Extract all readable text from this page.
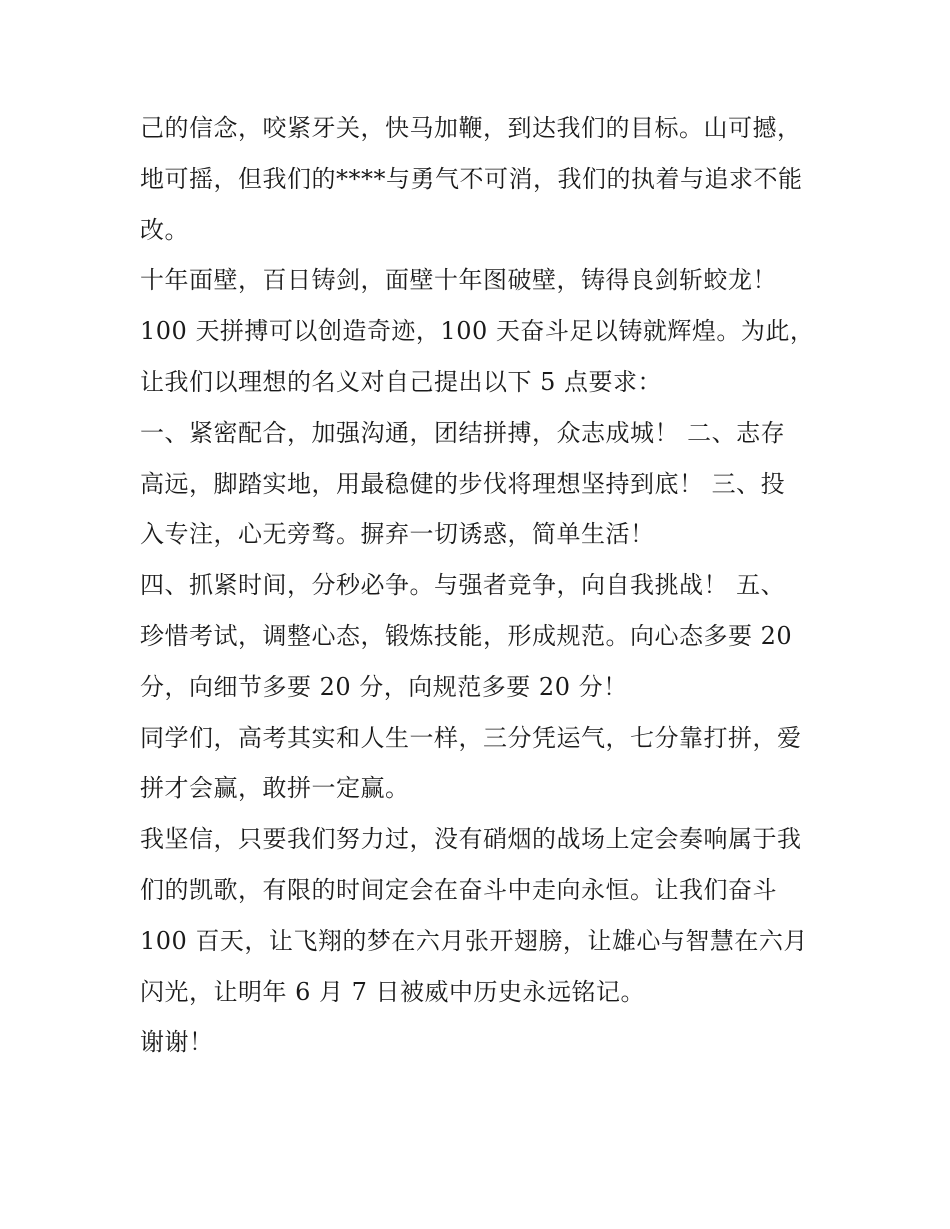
己的信念，咬紧牙关，快马加鞭，到达我们的目标。山可撼，
地可摇，但我们的****与勇气不可消，我们的执着与追求不能
改。
十年面壁，百日铸剑，面壁十年图破壁，铸得良剑斩蛟龙！
100 天拼搏可以创造奇迹，100 天奋斗足以铸就辉煌。为此，
让我们以理想的名义对自己提出以下 5 点要求：
一、紧密配合，加强沟通，团结拼搏，众志成城！ 二、志存
高远，脚踏实地，用最稳健的步伐将理想坚持到底！ 三、投
入专注，心无旁骛。摒弃一切诱惑，简单生活！
四、抓紧时间，分秒必争。与强者竞争，向自我挑战！ 五、
珍惜考试，调整心态，锻炼技能，形成规范。向心态多要 20
分，向细节多要 20 分，向规范多要 20 分！
同学们，高考其实和人生一样，三分凭运气，七分靠打拼，爱
拼才会赢，敢拼一定赢。
我坚信，只要我们努力过，没有硝烟的战场上定会奏响属于我
们的凯歌，有限的时间定会在奋斗中走向永恒。让我们奋斗
100 百天，让飞翔的梦在六月张开翅膀，让雄心与智慧在六月
闪光，让明年 6 月 7 日被威中历史永远铭记。
谢谢！
